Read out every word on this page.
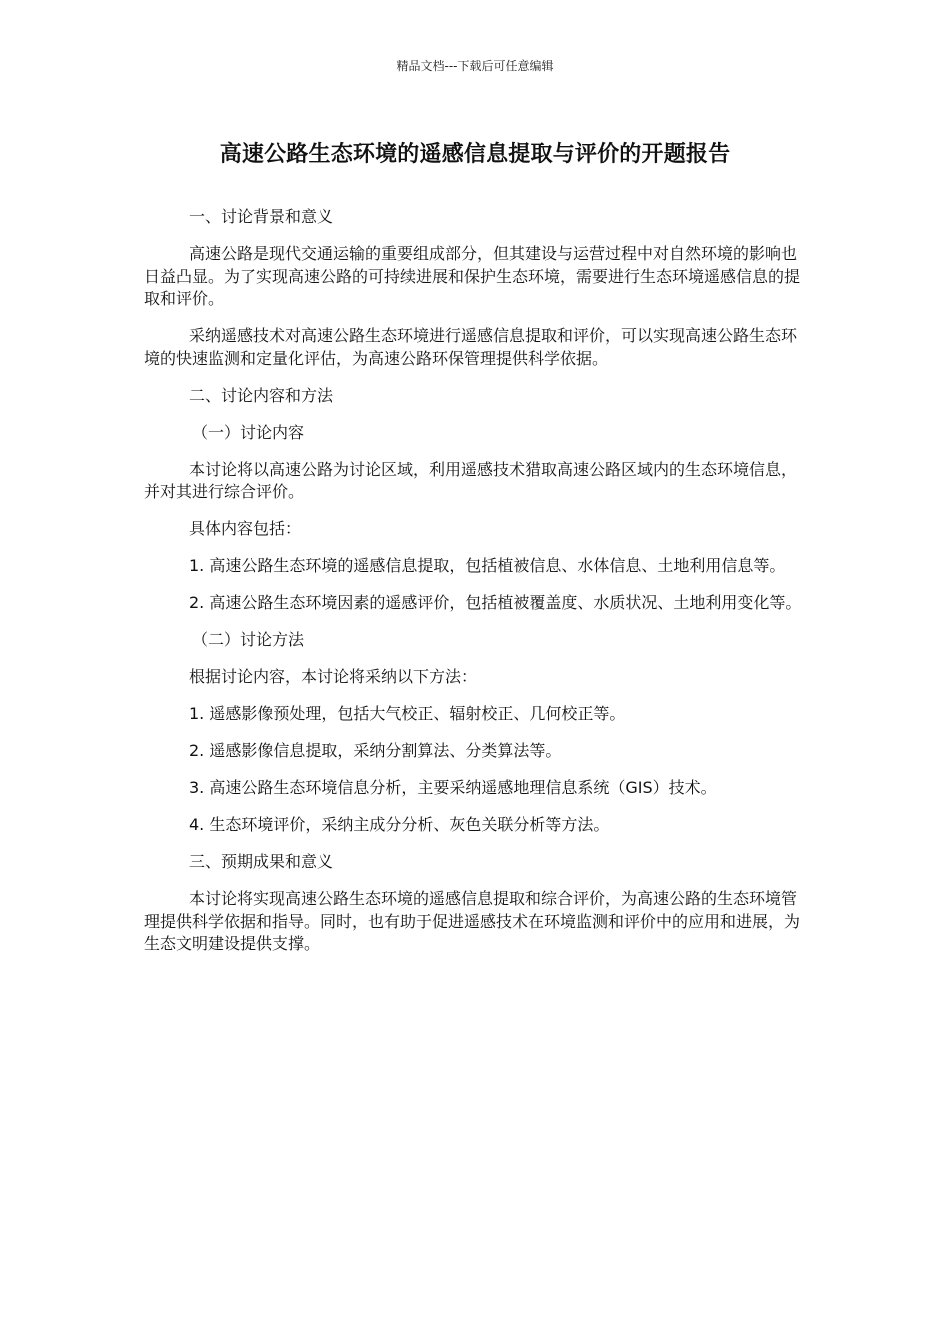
精品文档---下载后可任意编辑
高速公路生态环境的遥感信息提取与评价的开题报告

一、讨论背景和意义

高速公路是现代交通运输的重要组成部分，但其建设与运营过程中对自然环境的影响也日益凸显。为了实现高速公路的可持续进展和保护生态环境，需要进行生态环境遥感信息的提取和评价。

采纳遥感技术对高速公路生态环境进行遥感信息提取和评价，可以实现高速公路生态环境的快速监测和定量化评估，为高速公路环保管理提供科学依据。

二、讨论内容和方法

（一）讨论内容

本讨论将以高速公路为讨论区域，利用遥感技术猎取高速公路区域内的生态环境信息，并对其进行综合评价。

具体内容包括：

1. 高速公路生态环境的遥感信息提取，包括植被信息、水体信息、土地利用信息等。

2. 高速公路生态环境因素的遥感评价，包括植被覆盖度、水质状况、土地利用变化等。

（二）讨论方法

根据讨论内容，本讨论将采纳以下方法：

1. 遥感影像预处理，包括大气校正、辐射校正、几何校正等。

2. 遥感影像信息提取，采纳分割算法、分类算法等。

3. 高速公路生态环境信息分析，主要采纳遥感地理信息系统（GIS）技术。

4. 生态环境评价，采纳主成分分析、灰色关联分析等方法。

三、预期成果和意义

本讨论将实现高速公路生态环境的遥感信息提取和综合评价，为高速公路的生态环境管理提供科学依据和指导。同时，也有助于促进遥感技术在环境监测和评价中的应用和进展，为生态文明建设提供支撑。
